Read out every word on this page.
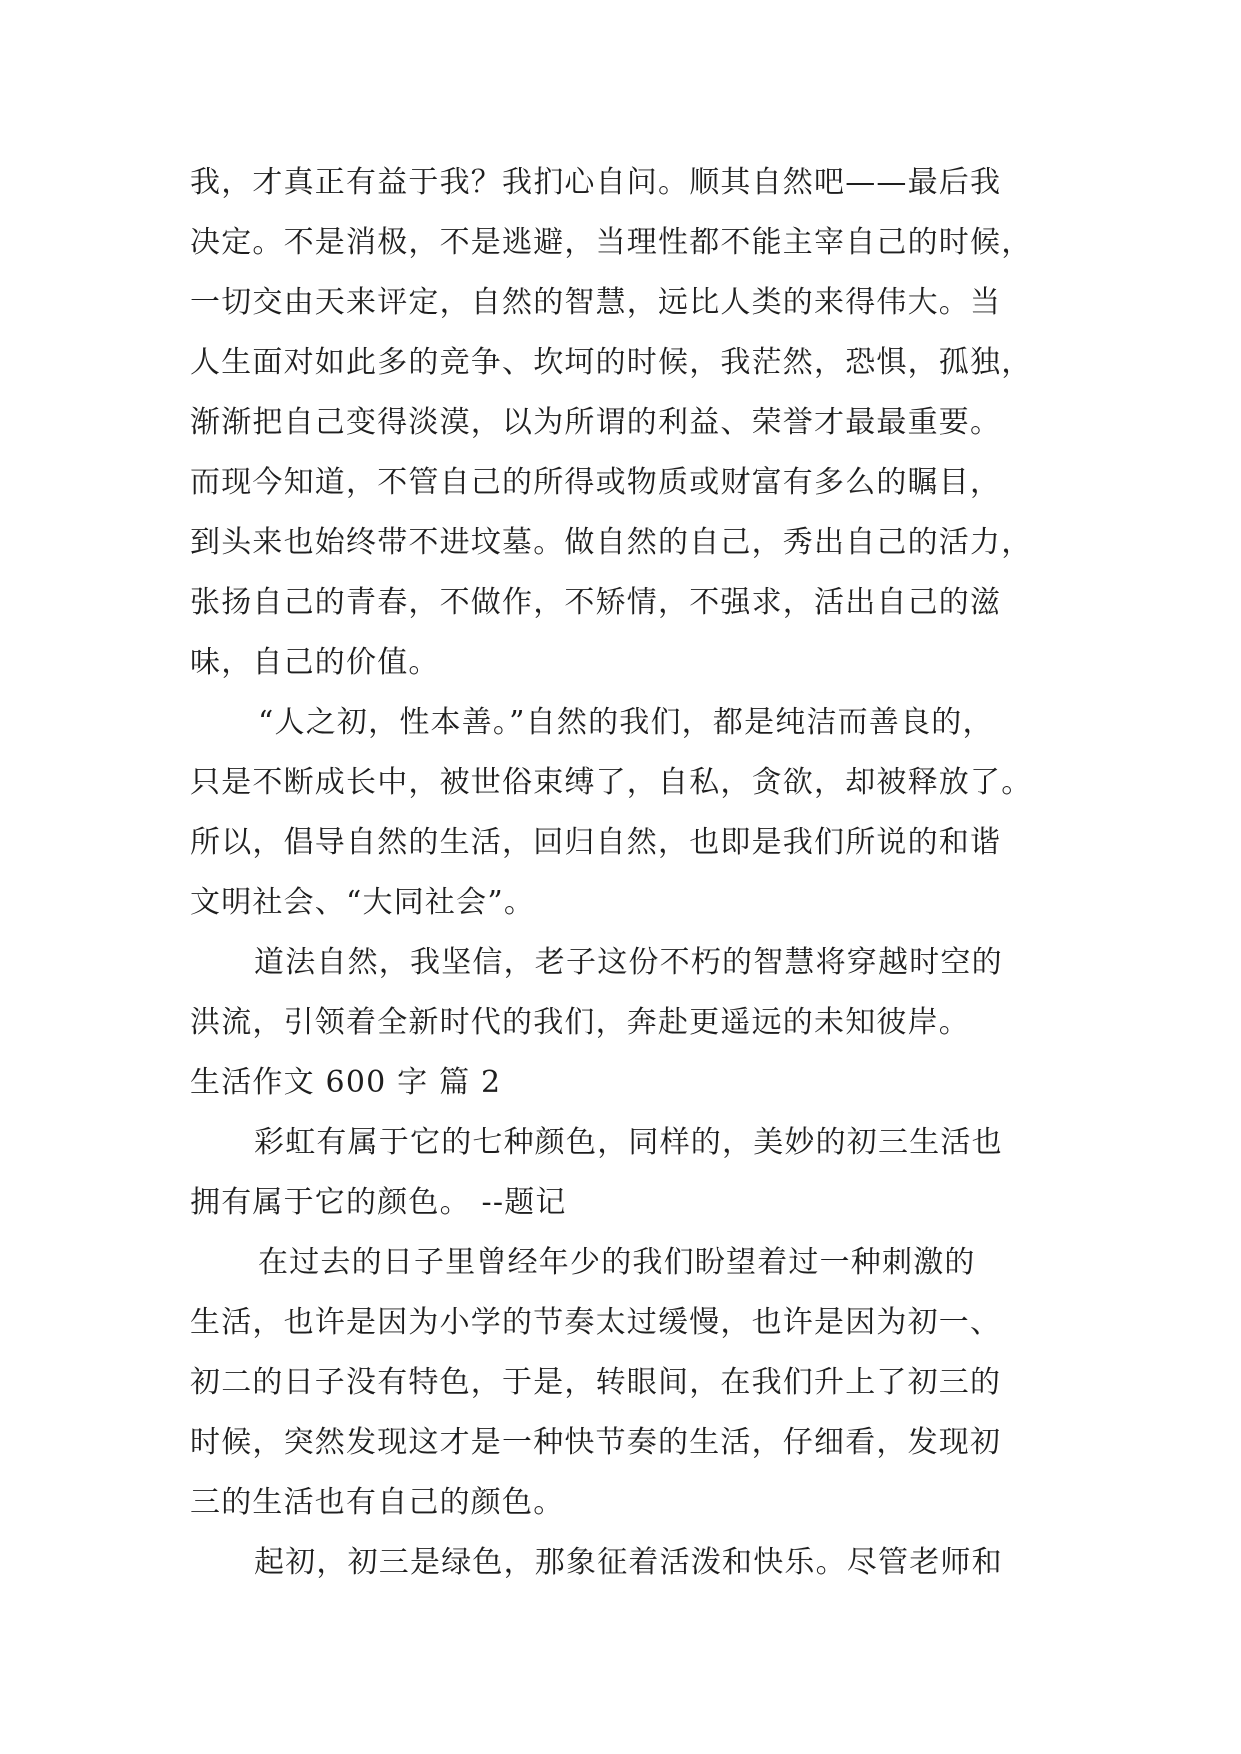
我，才真正有益于我？我扪心自问。顺其自然吧——最后我
决定。不是消极，不是逃避，当理性都不能主宰自己的时候，
一切交由天来评定，自然的智慧，远比人类的来得伟大。当
人生面对如此多的竞争、坎坷的时候，我茫然，恐惧，孤独，
渐渐把自己变得淡漠，以为所谓的利益、荣誉才最最重要。
而现今知道，不管自己的所得或物质或财富有多么的瞩目，
到头来也始终带不进坟墓。做自然的自己，秀出自己的活力，
张扬自己的青春，不做作，不矫情，不强求，活出自己的滋
味，自己的价值。
“人之初，性本善。”自然的我们，都是纯洁而善良的，
只是不断成长中，被世俗束缚了，自私，贪欲，却被释放了。
所以，倡导自然的生活，回归自然，也即是我们所说的和谐
文明社会、“大同社会”。
道法自然，我坚信，老子这份不朽的智慧将穿越时空的
洪流，引领着全新时代的我们，奔赴更遥远的未知彼岸。
生活作文 600 字 篇 2
彩虹有属于它的七种颜色，同样的，美妙的初三生活也
拥有属于它的颜色。 --题记
在过去的日子里曾经年少的我们盼望着过一种刺激的
生活，也许是因为小学的节奏太过缓慢，也许是因为初一、
初二的日子没有特色，于是，转眼间，在我们升上了初三的
时候，突然发现这才是一种快节奏的生活，仔细看，发现初
三的生活也有自己的颜色。
起初，初三是绿色，那象征着活泼和快乐。尽管老师和
